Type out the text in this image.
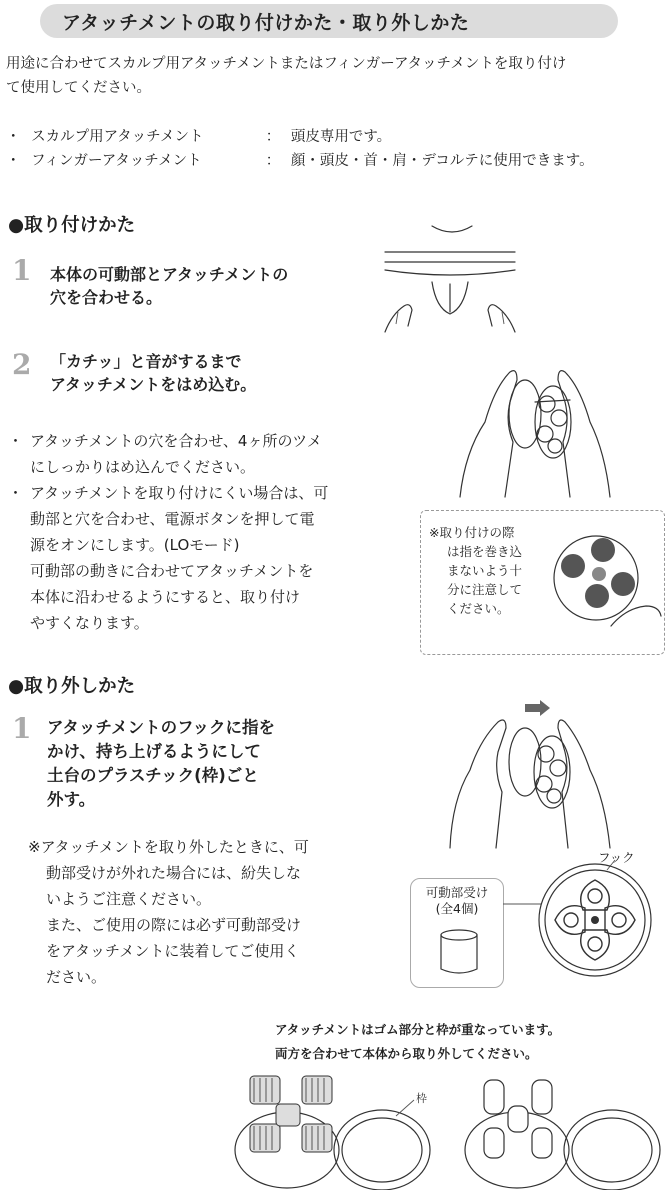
アタッチメントの取り付けかた・取り外しかた
用途に合わせてスカルプ用アタッチメントまたはフィンガーアタッチメントを取り付け
て使用してください。
・ スカルプ用アタッチメント	： 頭皮専用です。
・ フィンガーアタッチメント	： 顔・頭皮・首・肩・デコルテに使用できます。
●取り付けかた
1 本体の可動部とアタッチメントの
穴を合わせる。
2 「カチッ」と音がするまで
アタッチメントをはめ込む。
・ アタッチメントの穴を合わせ、4ヶ所のツメ
にしっかりはめ込んでください。
・ アタッチメントを取り付けにくい場合は、可
動部と穴を合わせ、電源ボタンを押して電
源をオンにします。(LOモード)
可動部の動きに合わせてアタッチメントを
本体に沿わせるようにすると、取り付け
やすくなります。
※取り付けの際
は指を巻き込
まないよう十
分に注意して
ください。
●取り外しかた
1 アタッチメントのフックに指を
かけ、持ち上げるようにして
土台のプラスチック(枠)ごと
外す。
※アタッチメントを取り外したときに、可
動部受けが外れた場合には、紛失しな
いようご注意ください。
また、ご使用の際には必ず可動部受け
をアタッチメントに装着してご使用く
ださい。
可動部受け
(全4個)
フック
アタッチメントはゴム部分と枠が重なっています。
両方を合わせて本体から取り外してください。
枠
